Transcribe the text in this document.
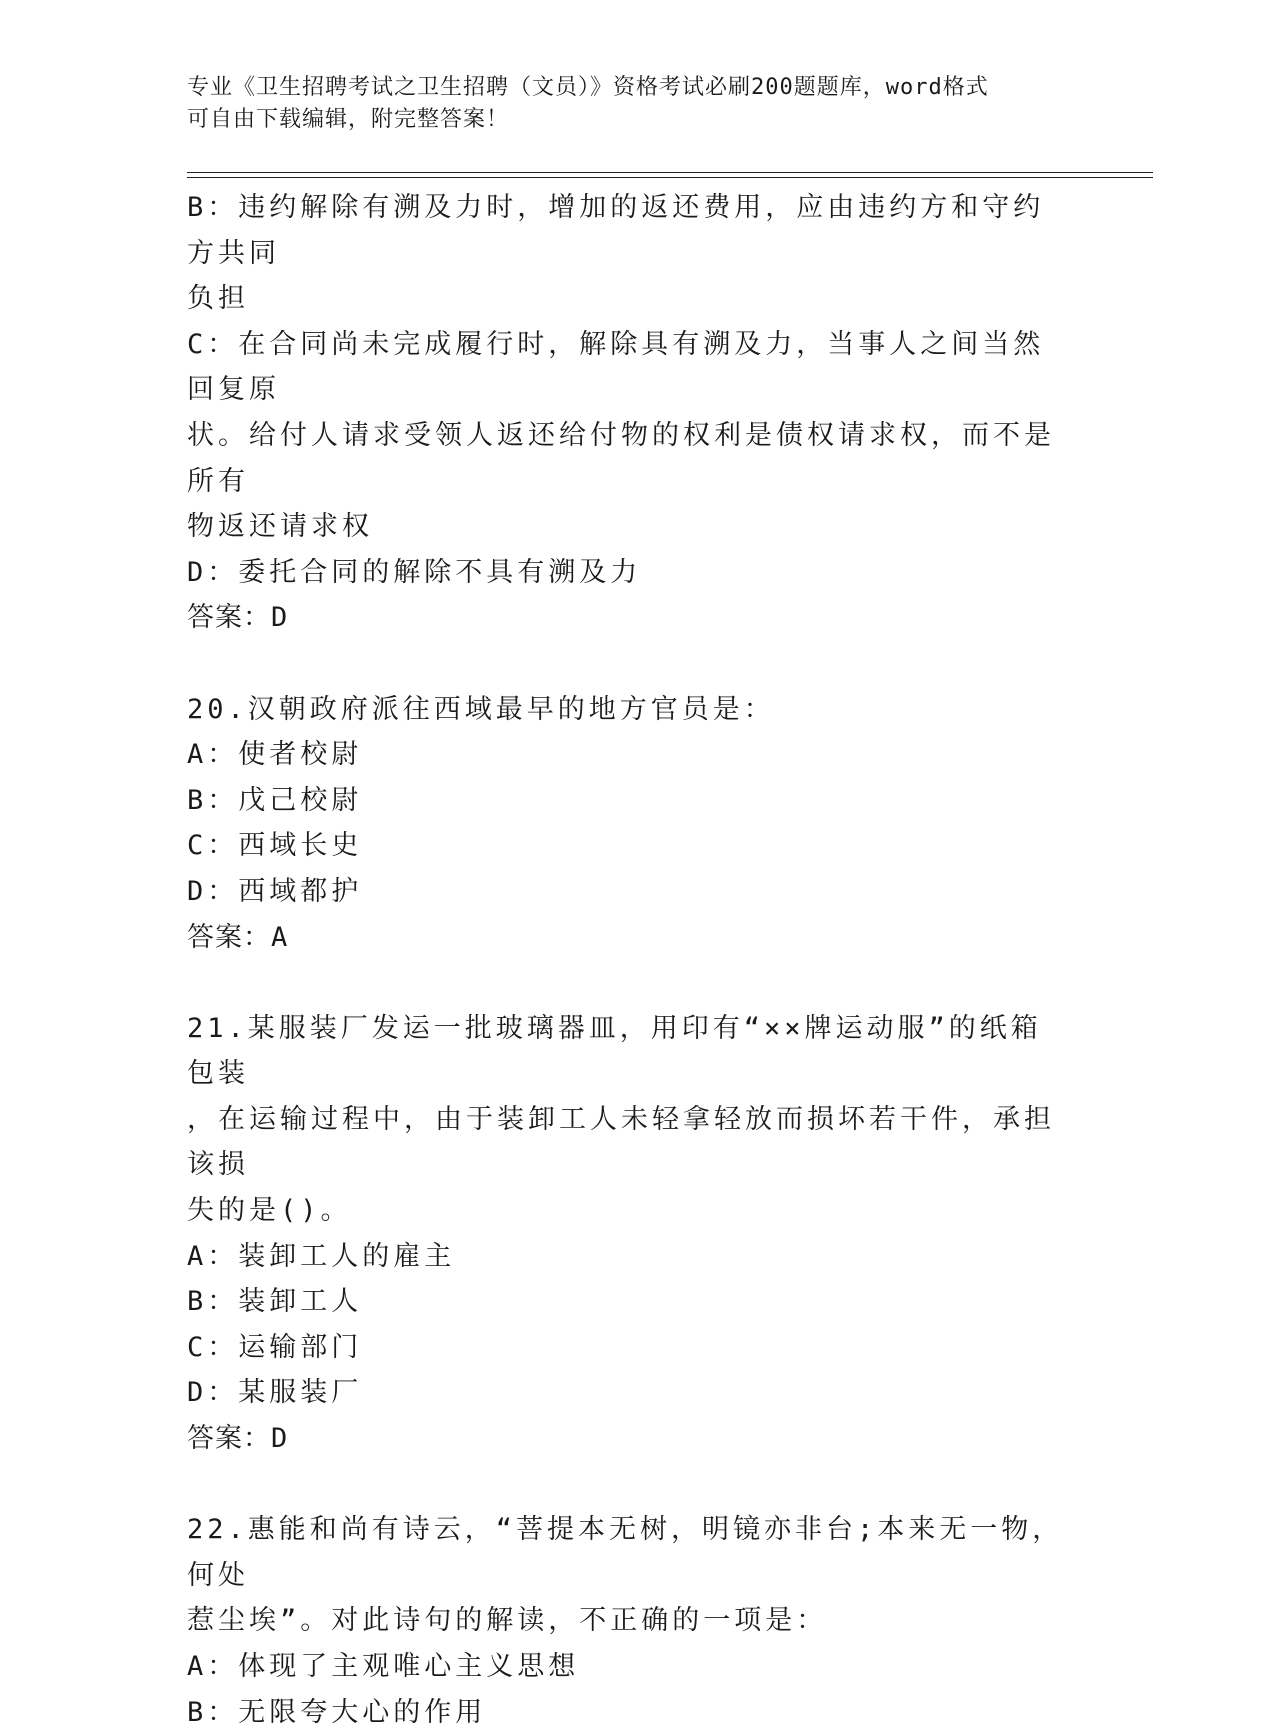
专业《卫生招聘考试之卫生招聘（文员）》资格考试必刷200题题库，word格式
可自由下载编辑，附完整答案！
B：违约解除有溯及力时，增加的返还费用，应由违约方和守约方共同
负担
C：在合同尚未完成履行时，解除具有溯及力，当事人之间当然回复原
状。给付人请求受领人返还给付物的权利是债权请求权，而不是所有
物返还请求权
D：委托合同的解除不具有溯及力
答案：D
20.汉朝政府派往西域最早的地方官员是：
A：使者校尉
B：戊己校尉
C：西域长史
D：西域都护
答案：A
21.某服装厂发运一批玻璃器皿，用印有“××牌运动服”的纸箱包装
，在运输过程中，由于装卸工人未轻拿轻放而损坏若干件，承担该损
失的是()。
A：装卸工人的雇主
B：装卸工人
C：运输部门
D：某服装厂
答案：D
22.惠能和尚有诗云，“菩提本无树，明镜亦非台;本来无一物，何处
惹尘埃”。对此诗句的解读，不正确的一项是：
A：体现了主观唯心主义思想
B：无限夸大心的作用
